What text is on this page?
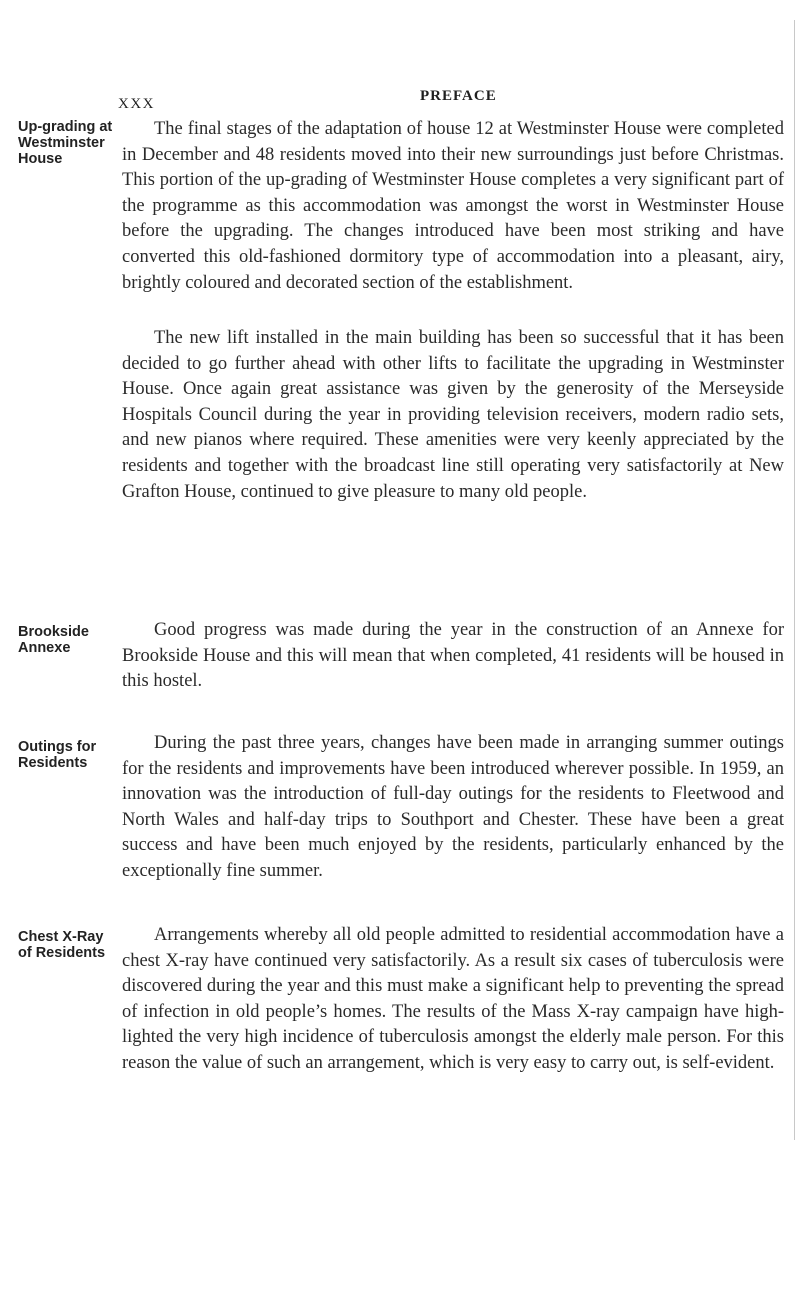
XXX	PREFACE
Up-grading at Westminster House

The final stages of the adaptation of house 12 at Westminster House were completed in December and 48 residents moved into their new surroundings just before Christmas. This portion of the up-grading of Westminster House completes a very significant part of the programme as this accommodation was amongst the worst in Westminster House before the upgrading. The changes introduced have been most striking and have converted this old-fashioned dormitory type of accommodation into a pleasant, airy, brightly coloured and decorated section of the establishment.

The new lift installed in the main building has been so successful that it has been decided to go further ahead with other lifts to facilitate the upgrading in Westminster House. Once again great assistance was given by the generosity of the Merseyside Hospitals Council during the year in providing television receivers, modern radio sets, and new pianos where required. These amenities were very keenly appreciated by the residents and together with the broadcast line still operating very satisfactorily at New Grafton House, continued to give pleasure to many old people.

Brookside Annexe

Good progress was made during the year in the construction of an Annexe for Brookside House and this will mean that when completed, 41 residents will be housed in this hostel.

Outings for Residents

During the past three years, changes have been made in arranging summer outings for the residents and improvements have been introduced wherever possible. In 1959, an innovation was the introduction of full-day outings for the residents to Fleetwood and North Wales and half-day trips to Southport and Chester. These have been a great success and have been much enjoyed by the residents, particularly enhanced by the exceptionally fine summer.

Chest X-Ray of Residents

Arrangements whereby all old people admitted to residential accommodation have a chest X-ray have continued very satisfactorily. As a result six cases of tuberculosis were discovered during the year and this must make a significant help to preventing the spread of infection in old people’s homes. The results of the Mass X-ray campaign have high-lighted the very high incidence of tuberculosis amongst the elderly male person. For this reason the value of such an arrangement, which is very easy to carry out, is self-evident.
